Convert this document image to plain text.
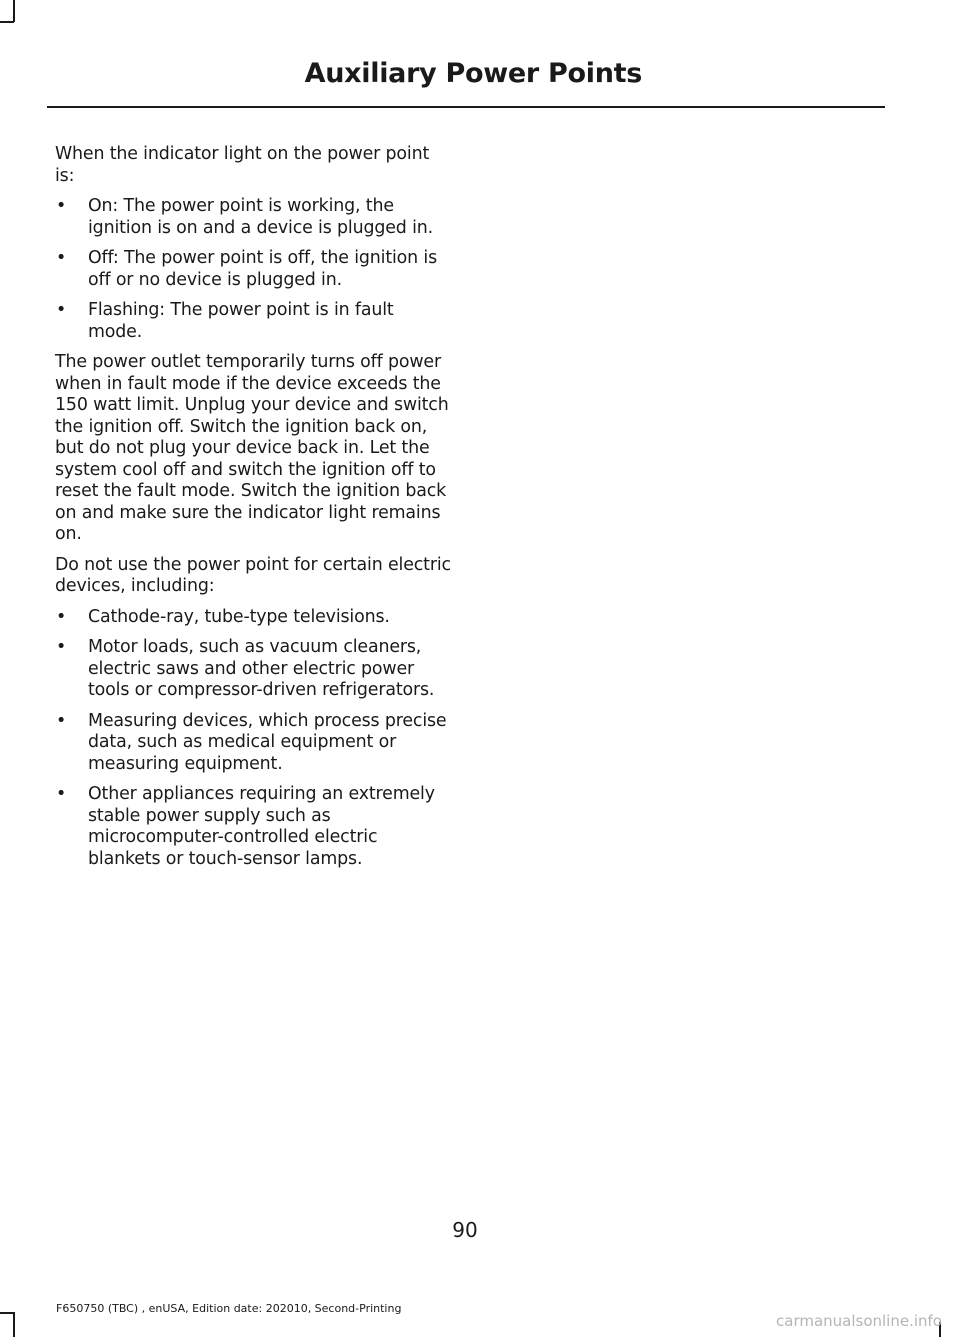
Auxiliary Power Points

When the indicator light on the power point is:

• On: The power point is working, the ignition is on and a device is plugged in.
• Off: The power point is off, the ignition is off or no device is plugged in.
• Flashing: The power point is in fault mode.

The power outlet temporarily turns off power when in fault mode if the device exceeds the 150 watt limit. Unplug your device and switch the ignition off. Switch the ignition back on, but do not plug your device back in. Let the system cool off and switch the ignition off to reset the fault mode. Switch the ignition back on and make sure the indicator light remains on.

Do not use the power point for certain electric devices, including:

• Cathode-ray, tube-type televisions.
• Motor loads, such as vacuum cleaners, electric saws and other electric power tools or compressor-driven refrigerators.
• Measuring devices, which process precise data, such as medical equipment or measuring equipment.
• Other appliances requiring an extremely stable power supply such as microcomputer-controlled electric blankets or touch-sensor lamps.
90
F650750 (TBC) , enUSA, Edition date: 202010, Second-Printing
carmanualsonline.info
